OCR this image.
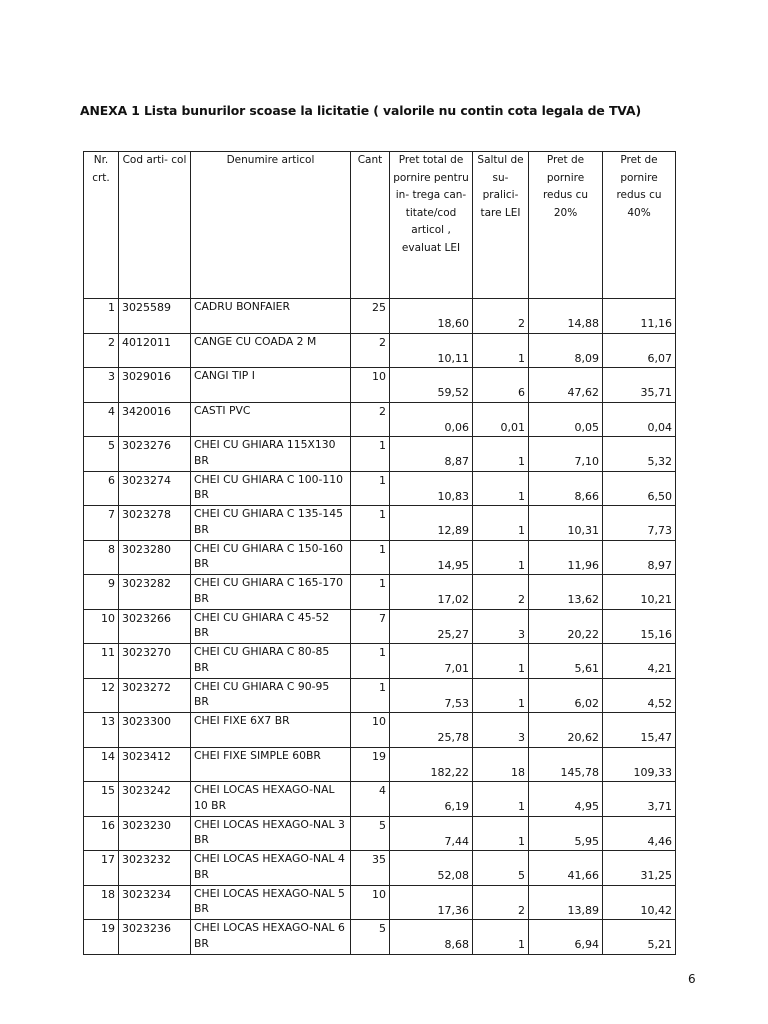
ANEXA 1 Lista bunurilor scoase la licitatie ( valorile nu contin cota legala de TVA)
Nr. crt.	Cod arti- col	Denumire articol	Cant	Pret total de pornire pentru in- trega can- titate/cod articol , evaluat LEI	Saltul de su- pralici- tare LEI	Pret de pornire redus cu 20%	Pret de pornire redus cu 40%
1	3025589	CADRU BONFAIER	25	18,60	2	14,88	11,16
2	4012011	CANGE CU COADA 2 M	2	10,11	1	8,09	6,07
3	3029016	CANGI TIP I	10	59,52	6	47,62	35,71
4	3420016	CASTI PVC	2	0,06	0,01	0,05	0,04
5	3023276	CHEI CU GHIARA 115X130 BR	1	8,87	1	7,10	5,32
6	3023274	CHEI CU GHIARA C 100-110 BR	1	10,83	1	8,66	6,50
7	3023278	CHEI CU GHIARA C 135-145 BR	1	12,89	1	10,31	7,73
8	3023280	CHEI CU GHIARA C 150-160 BR	1	14,95	1	11,96	8,97
9	3023282	CHEI CU GHIARA C 165-170 BR	1	17,02	2	13,62	10,21
10	3023266	CHEI CU GHIARA C 45-52 BR	7	25,27	3	20,22	15,16
11	3023270	CHEI CU GHIARA C 80-85 BR	1	7,01	1	5,61	4,21
12	3023272	CHEI CU GHIARA C 90-95 BR	1	7,53	1	6,02	4,52
13	3023300	CHEI FIXE 6X7 BR	10	25,78	3	20,62	15,47
14	3023412	CHEI FIXE SIMPLE 60BR	19	182,22	18	145,78	109,33
15	3023242	CHEI LOCAS HEXAGO-NAL 10 BR	4	6,19	1	4,95	3,71
16	3023230	CHEI LOCAS HEXAGO-NAL 3 BR	5	7,44	1	5,95	4,46
17	3023232	CHEI LOCAS HEXAGO-NAL 4 BR	35	52,08	5	41,66	31,25
18	3023234	CHEI LOCAS HEXAGO-NAL 5 BR	10	17,36	2	13,89	10,42
19	3023236	CHEI LOCAS HEXAGO-NAL 6 BR	5	8,68	1	6,94	5,21
6
